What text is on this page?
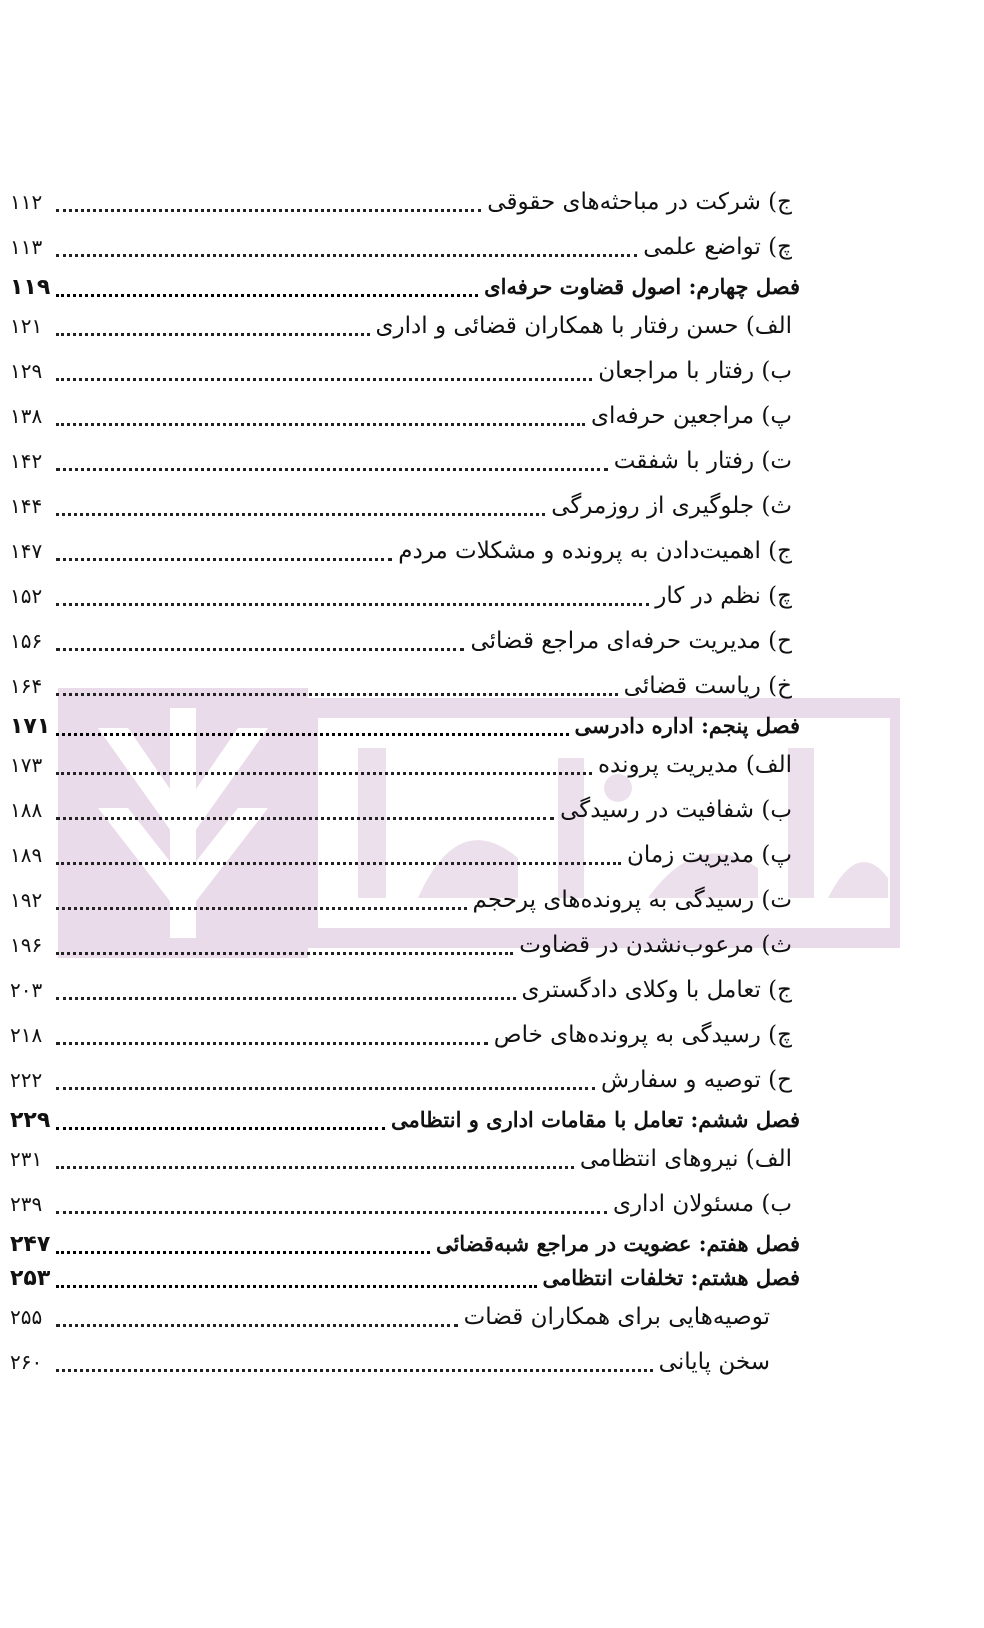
ج) شرکت در مباحثه‌های حقوقی
۱۱۲
چ) تواضع علمی
۱۱۳
فصل چهارم: اصول قضاوت حرفه‌ای
۱۱۹
الف) حسن رفتار با همکاران قضائی و اداری
۱۲۱
ب) رفتار با مراجعان
۱۲۹
پ) مراجعین حرفه‌ای
۱۳۸
ت) رفتار با شفقت
۱۴۲
ث) جلوگیری از روزمرگی
۱۴۴
ج) اهمیت‌دادن به پرونده و مشکلات مردم
۱۴۷
چ) نظم در کار
۱۵۲
ح) مدیریت حرفه‌ای مراجع قضائی
۱۵۶
خ) ریاست قضائی
۱۶۴
فصل پنجم: اداره دادرسی
۱۷۱
الف) مدیریت پرونده
۱۷۳
ب) شفافیت در رسیدگی
۱۸۸
پ) مدیریت زمان
۱۸۹
ت) رسیدگی به پرونده‌های پرحجم
۱۹۲
ث) مرعوب‌نشدن در قضاوت
۱۹۶
ج) تعامل با وکلای دادگستری
۲۰۳
چ) رسیدگی به پرونده‌های خاص
۲۱۸
ح) توصیه و سفارش
۲۲۲
فصل ششم: تعامل با مقامات اداری و انتظامی
۲۲۹
الف) نیروهای انتظامی
۲۳۱
ب) مسئولان اداری
۲۳۹
فصل هفتم: عضویت در مراجع شبه‌قضائی
۲۴۷
فصل هشتم: تخلفات انتظامی
۲۵۳
توصیه‌هایی برای همکاران قضات
۲۵۵
سخن پایانی
۲۶۰
